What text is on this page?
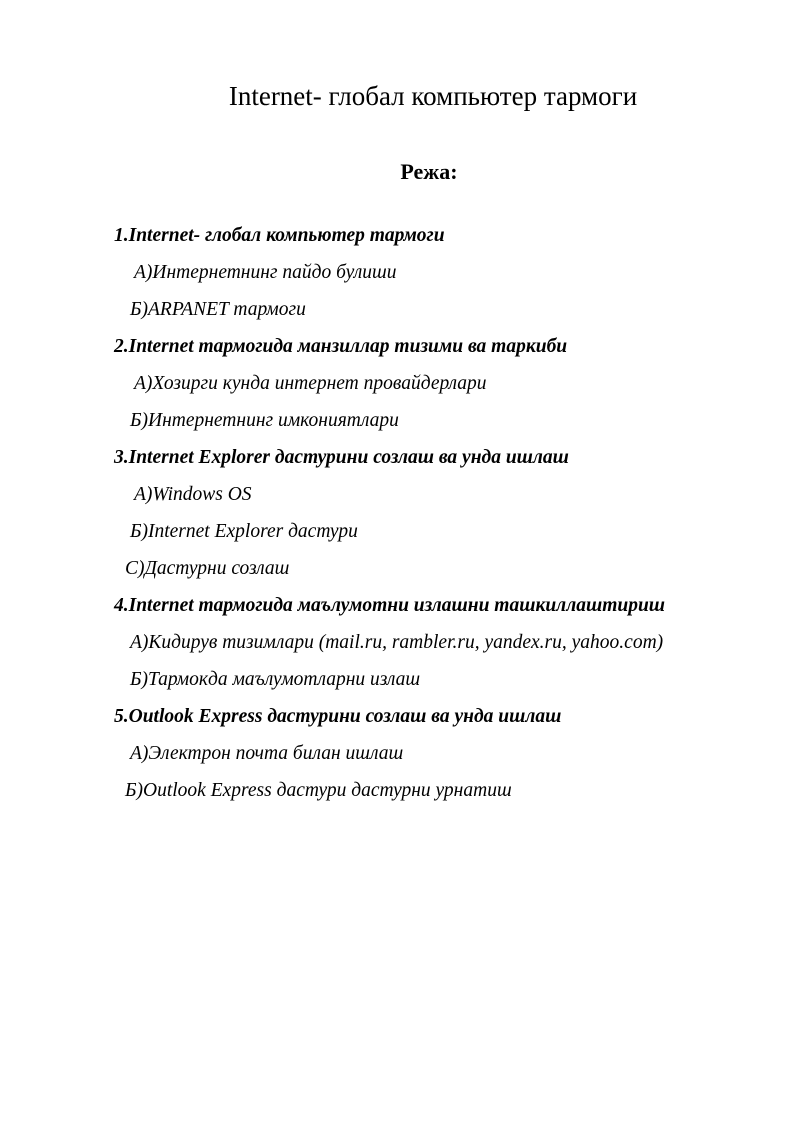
Internet- глобал компьютер тармоги
Режа:
1.Internet- глобал компьютер тармоги
А)Интернетнинг пайдо булиши
Б)ARPANET тармоги
2.Internet тармогида манзиллар тизими ва таркиби
А)Хозирги кунда интернет провайдерлари
Б)Интернетнинг имкониятлари
3.Internet Explorer дастурини созлаш ва унда ишлаш
А)Windows OS
Б)Internet Explorer дастури
С)Дастурни созлаш
4.Internet тармогида маълумотни излашни ташкиллаштириш
А)Кидирув тизимлари (mail.ru, rambler.ru, yandex.ru, yahoo.com)
Б)Тармокда маълумотларни излаш
5.Outlook Express дастурини созлаш ва унда ишлаш
А)Электрон почта билан ишлаш
Б)Outlook Express дастури дастурни урнатиш
